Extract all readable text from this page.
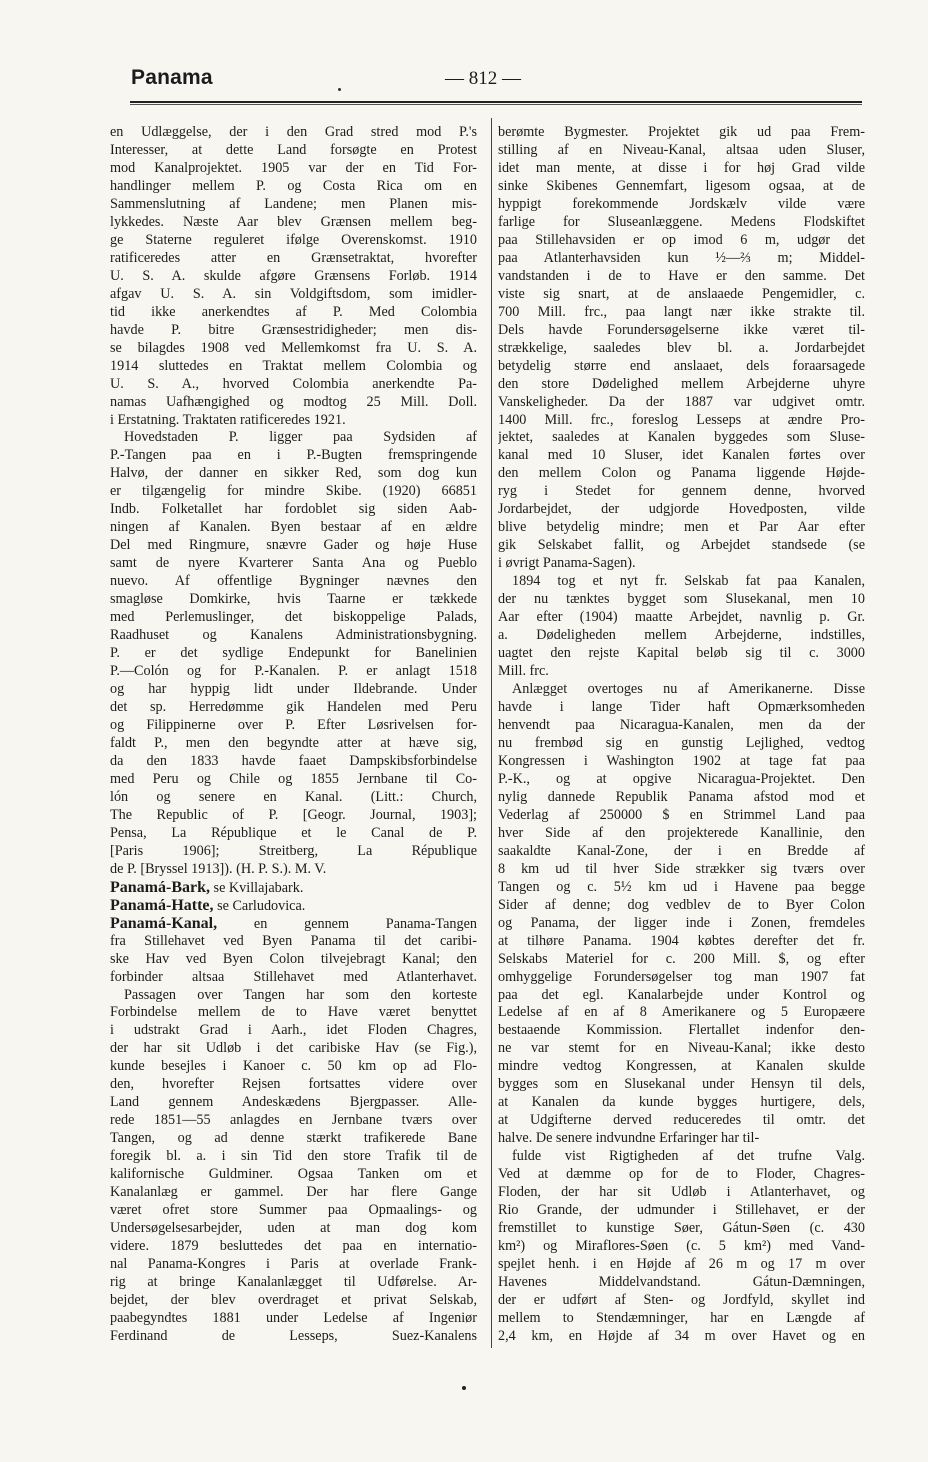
Panama	— 812 —
en Udlæggelse, der i den Grad stred mod P.'s
Interesser, at dette Land forsøgte en Protest
mod Kanalprojektet. 1905 var der en Tid For-
handlinger mellem P. og Costa Rica om en
Sammenslutning af Landene; men Planen mis-
lykkedes. Næste Aar blev Grænsen mellem beg-
ge Staterne reguleret ifølge Overenskomst. 1910
ratificeredes atter en Grænsetraktat, hvorefter
U. S. A. skulde afgøre Grænsens Forløb. 1914
afgav U. S. A. sin Voldgiftsdom, som imidler-
tid ikke anerkendtes af P. Med Colombia
havde P. bitre Grænsestridigheder; men dis-
se bilagdes 1908 ved Mellemkomst fra U. S. A.
1914 sluttedes en Traktat mellem Colombia og
U. S. A., hvorved Colombia anerkendte Pa-
namas Uafhængighed og modtog 25 Mill. Doll.
i Erstatning. Traktaten ratificeredes 1921.
Hovedstaden P. ligger paa Sydsiden af
P.-Tangen paa en i P.-Bugten fremspringende
Halvø, der danner en sikker Red, som dog kun
er tilgængelig for mindre Skibe. (1920) 66851
Indb. Folketallet har fordoblet sig siden Aab-
ningen af Kanalen. Byen bestaar af en ældre
Del med Ringmure, snævre Gader og høje Huse
samt de nyere Kvarterer Santa Ana og Pueblo
nuevo. Af offentlige Bygninger nævnes den
smagløse Domkirke, hvis Taarne er tækkede
med Perlemuslinger, det biskoppelige Palads,
Raadhuset og Kanalens Administrationsbygning.
P. er det sydlige Endepunkt for Banelinien
P.—Colón og for P.-Kanalen. P. er anlagt 1518
og har hyppig lidt under Ildebrande. Under
det sp. Herredømme gik Handelen med Peru
og Filippinerne over P. Efter Løsrivelsen for-
faldt P., men den begyndte atter at hæve sig,
da den 1833 havde faaet Dampskibsforbindelse
med Peru og Chile og 1855 Jernbane til Co-
lón og senere en Kanal. (Litt.: Church,
The Republic of P. [Geogr. Journal, 1903];
Pensa, La République et le Canal de P.
[Paris 1906]; Streitberg, La République
de P. [Bryssel 1913]). (H. P. S.). M. V.
Panamá-Bark, se Kvillajabark.
Panamá-Hatte, se Carludovica.
Panamá-Kanal, en gennem Panama-Tangen
fra Stillehavet ved Byen Panama til det caribi-
ske Hav ved Byen Colon tilvejebragt Kanal; den
forbinder altsaa Stillehavet med Atlanterhavet.
Passagen over Tangen har som den korteste
Forbindelse mellem de to Have været benyttet
i udstrakt Grad i Aarh., idet Floden Chagres,
der har sit Udløb i det caribiske Hav (se Fig.),
kunde besejles i Kanoer c. 50 km op ad Flo-
den, hvorefter Rejsen fortsattes videre over
Land gennem Andeskædens Bjergpasser. Alle-
rede 1851—55 anlagdes en Jernbane tværs over
Tangen, og ad denne stærkt trafikerede Bane
foregik bl. a. i sin Tid den store Trafik til de
kalifornische Guldminer. Ogsaa Tanken om et
Kanalanlæg er gammel. Der har flere Gange
været ofret store Summer paa Opmaalings- og
Undersøgelsesarbejder, uden at man dog kom
videre. 1879 besluttedes det paa en internatio-
nal Panama-Kongres i Paris at overlade Frank-
rig at bringe Kanalanlægget til Udførelse. Ar-
bejdet, der blev overdraget et privat Selskab,
paabegyndtes 1881 under Ledelse af Ingeniør
Ferdinand de Lesseps, Suez-Kanalens
berømte Bygmester. Projektet gik ud paa Frem-
stilling af en Niveau-Kanal, altsaa uden Sluser,
idet man mente, at disse i for høj Grad vilde
sinke Skibenes Gennemfart, ligesom ogsaa, at de
hyppigt forekommende Jordskælv vilde være
farlige for Sluseanlæggene. Medens Flodskiftet
paa Stillehavsiden er op imod 6 m, udgør det
paa Atlanterhavsiden kun ½—⅔ m; Middel-
vandstanden i de to Have er den samme. Det
viste sig snart, at de anslaaede Pengemidler, c.
700 Mill. frc., paa langt nær ikke strakte til.
Dels havde Forundersøgelserne ikke været til-
strækkelige, saaledes blev bl. a. Jordarbejdet
betydelig større end anslaaet, dels foraarsagede
den store Dødelighed mellem Arbejderne uhyre
Vanskeligheder. Da der 1887 var udgivet omtr.
1400 Mill. frc., foreslog Lesseps at ændre Pro-
jektet, saaledes at Kanalen byggedes som Sluse-
kanal med 10 Sluser, idet Kanalen førtes over
den mellem Colon og Panama liggende Højde-
ryg i Stedet for gennem denne, hvorved
Jordarbejdet, der udgjorde Hovedposten, vilde
blive betydelig mindre; men et Par Aar efter
gik Selskabet fallit, og Arbejdet standsede (se
i øvrigt Panama-Sagen).
1894 tog et nyt fr. Selskab fat paa Kanalen,
der nu tænktes bygget som Slusekanal, men 10
Aar efter (1904) maatte Arbejdet, navnlig p. Gr.
a. Dødeligheden mellem Arbejderne, indstilles,
uagtet den rejste Kapital beløb sig til c. 3000
Mill. frc.
Anlægget overtoges nu af Amerikanerne. Disse
havde i lange Tider haft Opmærksomheden
henvendt paa Nicaragua-Kanalen, men da der
nu frembød sig en gunstig Lejlighed, vedtog
Kongressen i Washington 1902 at tage fat paa
P.-K., og at opgive Nicaragua-Projektet. Den
nylig dannede Republik Panama afstod mod et
Vederlag af 250000 $ en Strimmel Land paa
hver Side af den projekterede Kanallinie, den
saakaldte Kanal-Zone, der i en Bredde af
8 km ud til hver Side strækker sig tværs over
Tangen og c. 5½ km ud i Havene paa begge
Sider af denne; dog vedblev de to Byer Colon
og Panama, der ligger inde i Zonen, fremdeles
at tilhøre Panama. 1904 købtes derefter det fr.
Selskabs Materiel for c. 200 Mill. $, og efter
omhyggelige Forundersøgelser tog man 1907 fat
paa det egl. Kanalarbejde under Kontrol og
Ledelse af en af 8 Amerikanere og 5 Europæere
bestaaende Kommission. Flertallet indenfor den-
ne var stemt for en Niveau-Kanal; ikke desto
mindre vedtog Kongressen, at Kanalen skulde
bygges som en Slusekanal under Hensyn til dels,
at Kanalen da kunde bygges hurtigere, dels,
at Udgifterne derved reduceredes til omtr. det
halve. De senere indvundne Erfaringer har til-
fulde vist Rigtigheden af det trufne Valg.
Ved at dæmme op for de to Floder, Chagres-
Floden, der har sit Udløb i Atlanterhavet, og
Rio Grande, der udmunder i Stillehavet, er der
fremstillet to kunstige Søer, Gátun-Søen (c. 430
km²) og Miraflores-Søen (c. 5 km²) med Vand-
spejlet henh. i en Højde af 26 m og 17 m over
Havenes Middelvandstand. Gátun-Dæmningen,
der er udført af Sten- og Jordfyld, skyllet ind
mellem to Stendæmninger, har en Længde af
2,4 km, en Højde af 34 m over Havet og en
